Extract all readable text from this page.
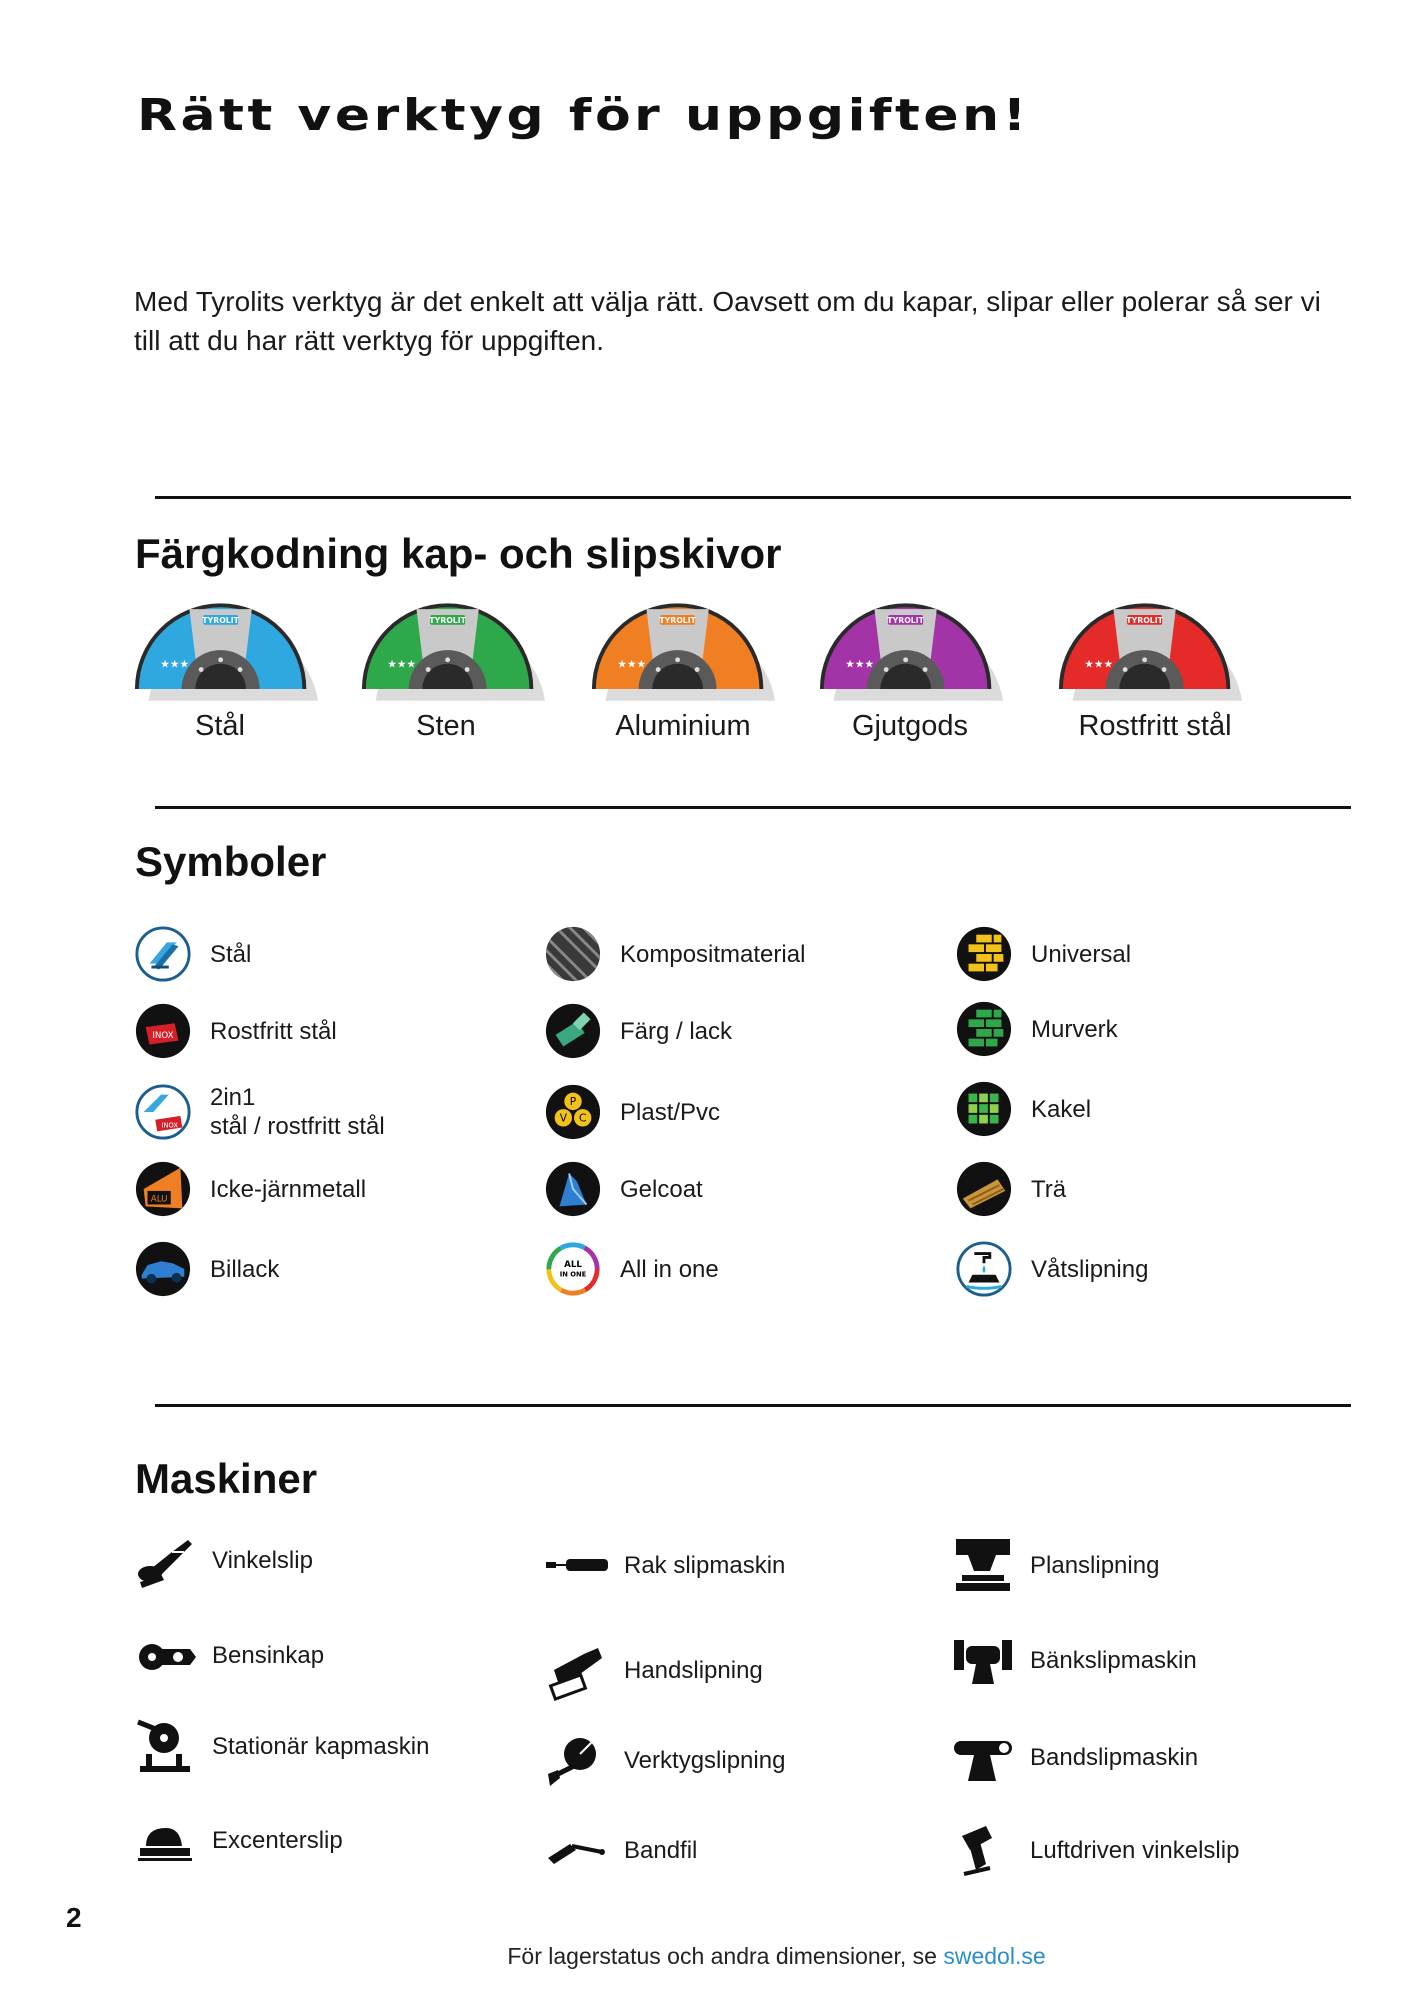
Rätt verktyg för uppgiften!
Med Tyrolits verktyg är det enkelt att välja rätt. Oavsett om du kapar, slipar eller polerar så ser vi till att du har rätt verktyg för uppgiften.
Färgkodning kap- och slipskivor
TYROLIT
★★★
Stål
TYROLIT
★★★
Sten
TYROLIT
★★★
Aluminium
TYROLIT
★★★
Gjutgods
TYROLIT
★★★
Rostfritt stål
Symboler
Stål
INOX Rostfritt stål
INOX
2in1
stål / rostfritt stål
ALU Icke-järnmetall
Billack
Kompositmaterial
Färg / lack
P
V C Plast/Pvc
Gelcoat
ALL
IN ONE All in one
Universal
Murverk
Kakel
Trä
Våtslipning
Maskiner
Vinkelslip
Bensinkap
Stationär kapmaskin
Excenterslip
Rak slipmaskin
Handslipning
Verktygslipning
Bandfil
Planslipning
Bänkslipmaskin
Bandslipmaskin
Luftdriven vinkelslip
2
För lagerstatus och andra dimensioner, se swedol.se
